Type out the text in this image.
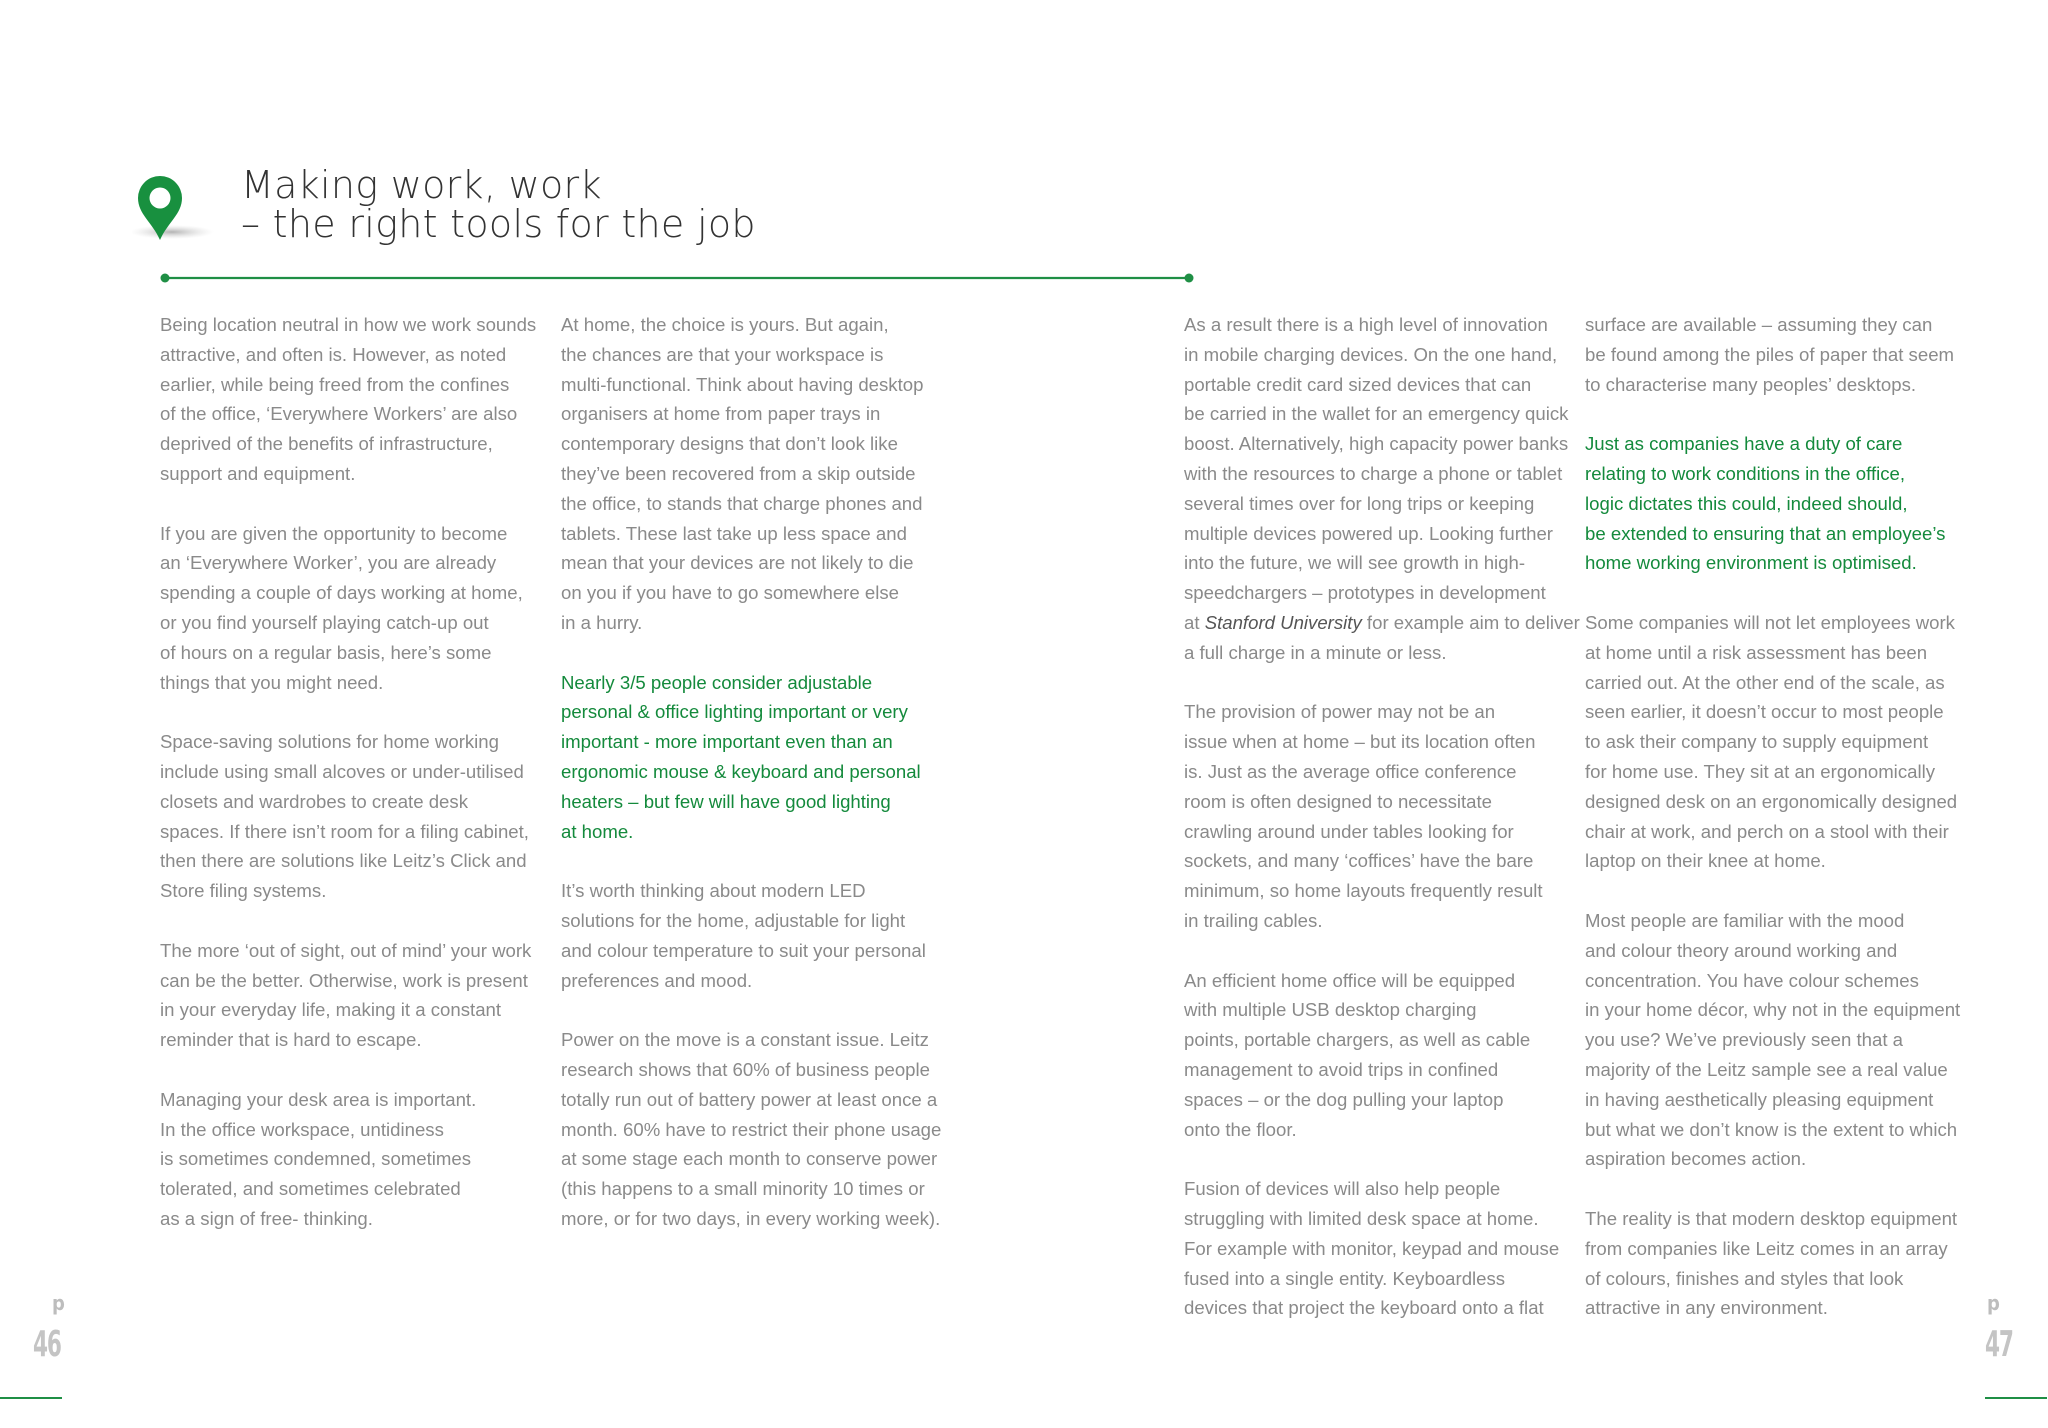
Making work, work
– the right tools for the job

Being location neutral in how we work sounds
attractive, and often is. However, as noted
earlier, while being freed from the confines
of the office, ‘Everywhere Workers’ are also
deprived of the benefits of infrastructure,
support and equipment.

If you are given the opportunity to become
an ‘Everywhere Worker’, you are already
spending a couple of days working at home,
or you find yourself playing catch-up out
of hours on a regular basis, here’s some
things that you might need.

Space-saving solutions for home working
include using small alcoves or under-utilised
closets and wardrobes to create desk
spaces. If there isn’t room for a filing cabinet,
then there are solutions like Leitz’s Click and
Store filing systems.

The more ‘out of sight, out of mind’ your work
can be the better. Otherwise, work is present
in your everyday life, making it a constant
reminder that is hard to escape.

Managing your desk area is important.
In the office workspace, untidiness
is sometimes condemned, sometimes
tolerated, and sometimes celebrated
as a sign of free- thinking.

At home, the choice is yours. But again,
the chances are that your workspace is
multi-functional. Think about having desktop
organisers at home from paper trays in
contemporary designs that don’t look like
they’ve been recovered from a skip outside
the office, to stands that charge phones and
tablets. These last take up less space and
mean that your devices are not likely to die
on you if you have to go somewhere else
in a hurry.

Nearly 3/5 people consider adjustable
personal & office lighting important or very
important - more important even than an
ergonomic mouse & keyboard and personal
heaters – but few will have good lighting
at home.

It’s worth thinking about modern LED
solutions for the home, adjustable for light
and colour temperature to suit your personal
preferences and mood.

Power on the move is a constant issue. Leitz
research shows that 60% of business people
totally run out of battery power at least once a
month. 60% have to restrict their phone usage
at some stage each month to conserve power
(this happens to a small minority 10 times or
more, or for two days, in every working week).

As a result there is a high level of innovation
in mobile charging devices. On the one hand,
portable credit card sized devices that can
be carried in the wallet for an emergency quick
boost. Alternatively, high capacity power banks
with the resources to charge a phone or tablet
several times over for long trips or keeping
multiple devices powered up. Looking further
into the future, we will see growth in high-
speedchargers – prototypes in development

at Stanford University for example aim to deliver
a full charge in a minute or less.

The provision of power may not be an
issue when at home – but its location often
is. Just as the average office conference
room is often designed to necessitate
crawling around under tables looking for
sockets, and many ‘coffices’ have the bare
minimum, so home layouts frequently result
in trailing cables.

An efficient home office will be equipped
with multiple USB desktop charging
points, portable chargers, as well as cable
management to avoid trips in confined
spaces – or the dog pulling your laptop
onto the floor.

Fusion of devices will also help people
struggling with limited desk space at home.
For example with monitor, keypad and mouse
fused into a single entity. Keyboardless
devices that project the keyboard onto a flat

surface are available – assuming they can
be found among the piles of paper that seem
to characterise many peoples’ desktops.

Just as companies have a duty of care
relating to work conditions in the office,
logic dictates this could, indeed should,
be extended to ensuring that an employee’s
home working environment is optimised.

Some companies will not let employees work
at home until a risk assessment has been
carried out. At the other end of the scale, as
seen earlier, it doesn’t occur to most people
to ask their company to supply equipment
for home use. They sit at an ergonomically
designed desk on an ergonomically designed
chair at work, and perch on a stool with their
laptop on their knee at home.

Most people are familiar with the mood
and colour theory around working and
concentration. You have colour schemes
in your home décor, why not in the equipment
you use? We’ve previously seen that a
majority of the Leitz sample see a real value
in having aesthetically pleasing equipment
but what we don’t know is the extent to which
aspiration becomes action.

The reality is that modern desktop equipment
from companies like Leitz comes in an array
of colours, finishes and styles that look
attractive in any environment.

p
46
p
47
